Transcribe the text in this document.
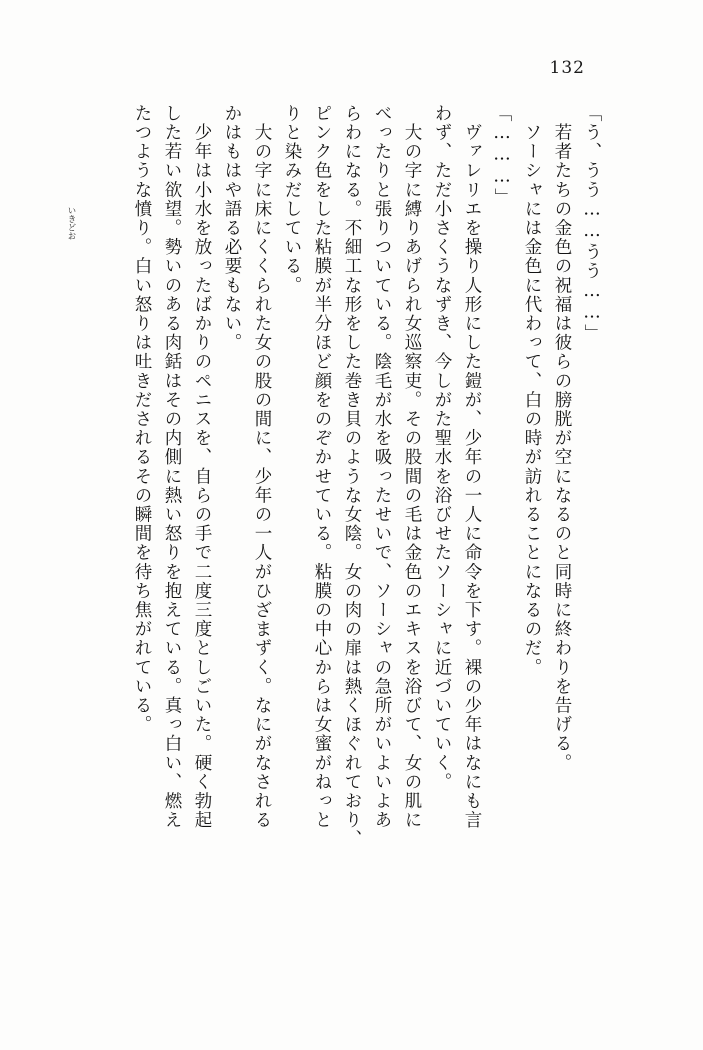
132
「う、うう……うう……」
　若者たちの金色の祝福は彼らの膀胱が空になるのと同時に終わりを告げる。
　ソーシャには金色に代わって、白の時が訪れることになるのだ。
「………」
　ヴァレリエを操り人形にした鎧が、少年の一人に命令を下す。裸の少年はなにも言
わず、ただ小さくうなずき、今しがた聖水を浴びせたソーシャに近づいていく。
　大の字に縛りあげられ女巡察吏。その股間の毛は金色のエキスを浴びて、女の肌に
べったりと張りついている。陰毛が水を吸ったせいで、ソーシャの急所がいよいよあ
らわになる。不細工な形をした巻き貝のような女陰。女の肉の扉は熱くほぐれており、
ピンク色をした粘膜が半分ほど顔をのぞかせている。粘膜の中心からは女蜜がねっと
りと染みだしている。
　大の字に床にくくられた女の股の間に、少年の一人がひざまずく。なにがなされる
かはもはや語る必要もない。
　少年は小水を放ったばかりのペニスを、自らの手で二度三度としごいた。硬く勃起
した若い欲望。勢いのある肉銛はその内側に熱い怒りを抱えている。真っ白い、燃え
たつような憤り。白い怒りは吐きだされるその瞬間を待ち焦がれている。
いきどお
